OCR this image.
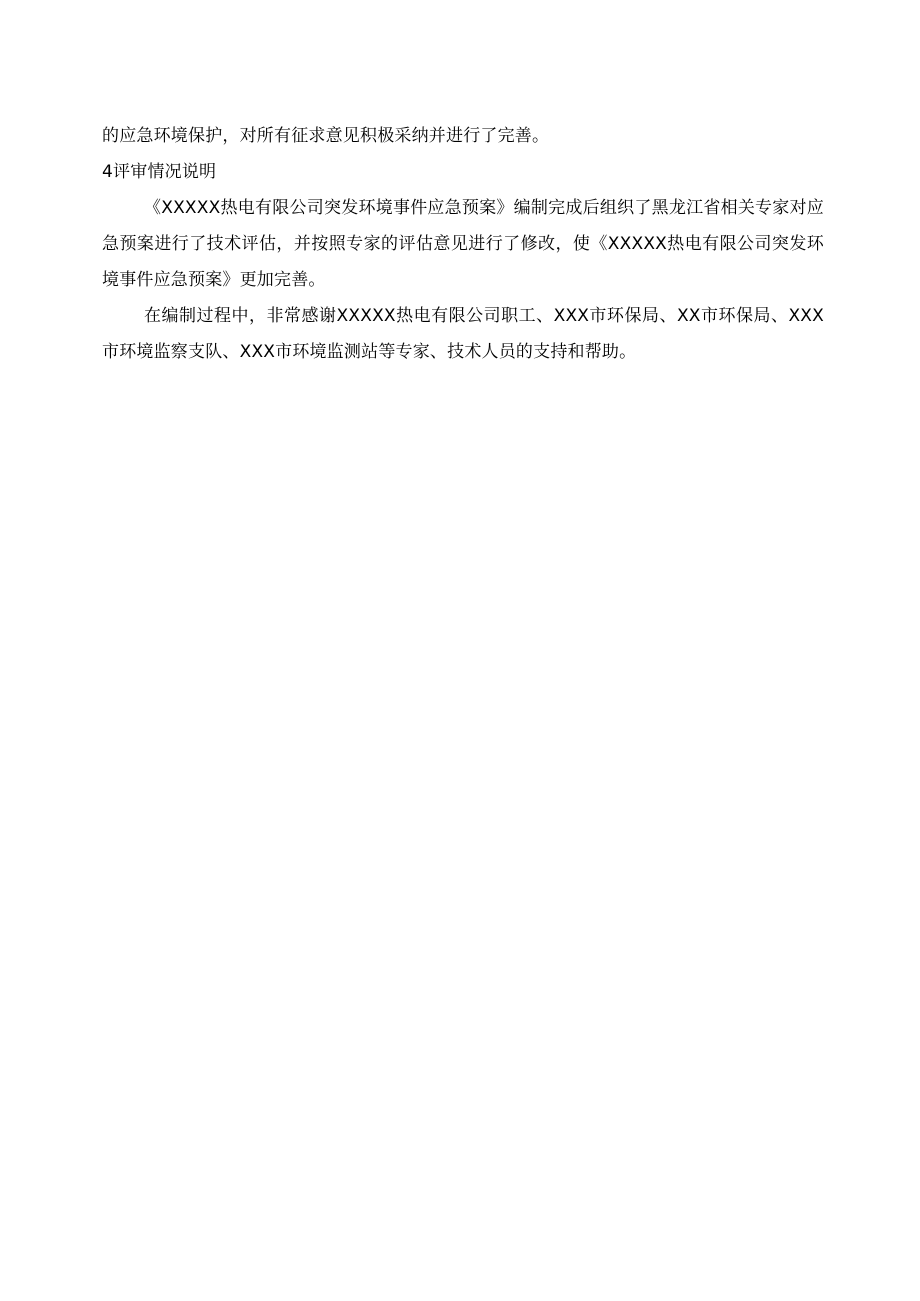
的应急环境保护，对所有征求意见积极采纳并进行了完善。

4评审情况说明

《XXXXX热电有限公司突发环境事件应急预案》编制完成后组织了黑龙江省相关专家对应急预案进行了技术评估，并按照专家的评估意见进行了修改，使《XXXXX热电有限公司突发环境事件应急预案》更加完善。

在编制过程中，非常感谢XXXXX热电有限公司职工、XXX市环保局、XX市环保局、XXX市环境监察支队、XXX市环境监测站等专家、技术人员的支持和帮助。
